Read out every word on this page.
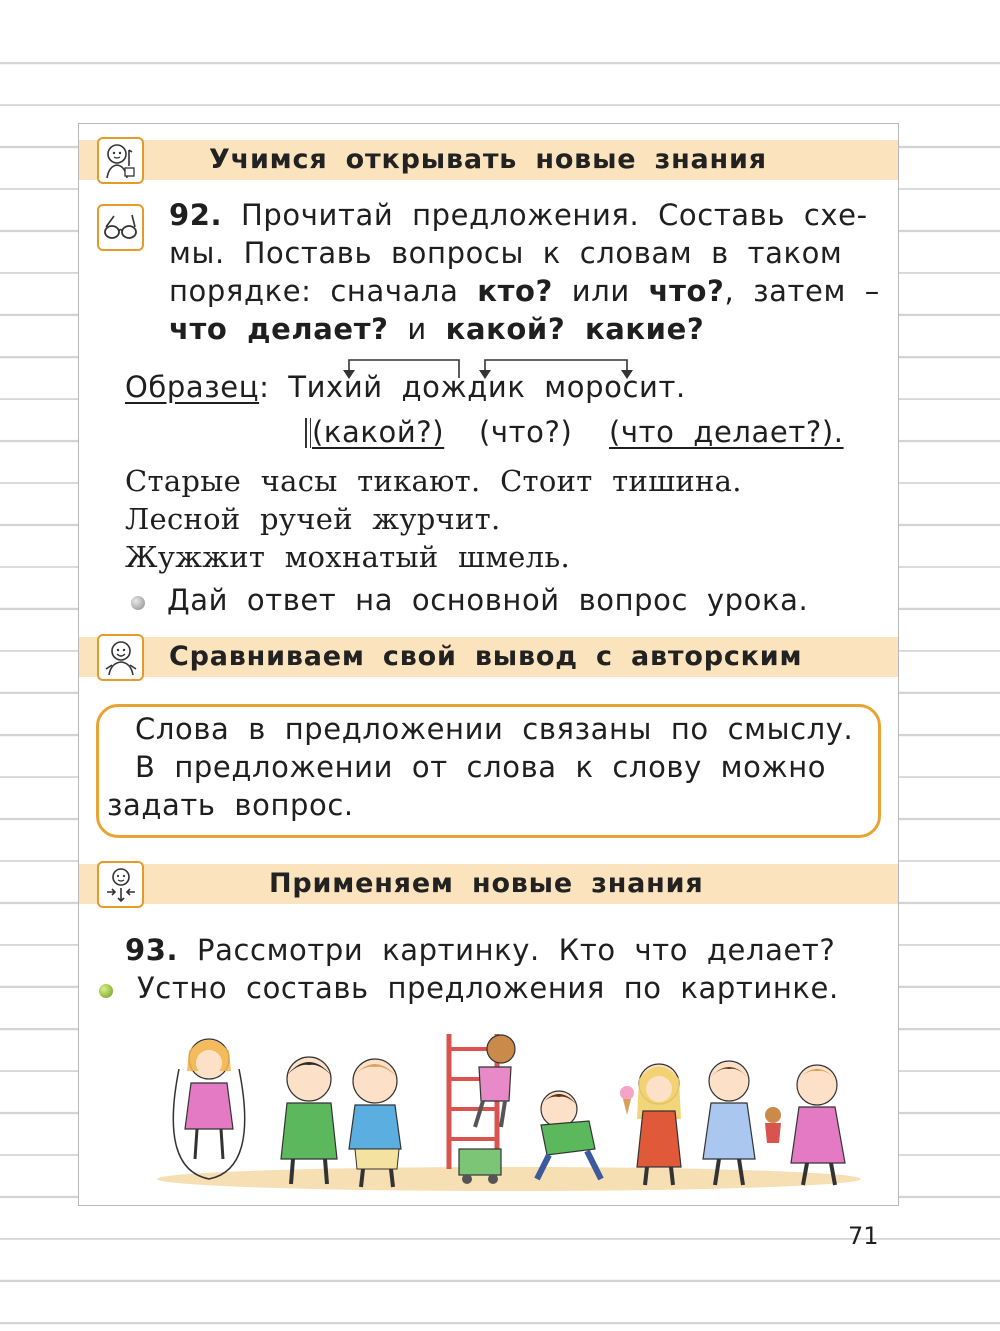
Учимся открывать новые знания
92. Прочитай предложения. Составь схе-
мы. Поставь вопросы к словам в таком
порядке: сначала кто? или что?, затем –
что делает? и какой? какие?
Образец: Тихий дождик моросит.
(какой?) (что?) (что делает?).
Старые часы тикают. Стоит тишина.
Лесной ручей журчит.
Жужжит мохнатый шмель.
Дай ответ на основной вопрос урока.
Сравниваем свой вывод с авторским
Слова в предложении связаны по смыслу.
В предложении от слова к слову можно
задать вопрос.
Применяем новые знания
93. Рассмотри картинку. Кто что делает?
Устно составь предложения по картинке.
71
